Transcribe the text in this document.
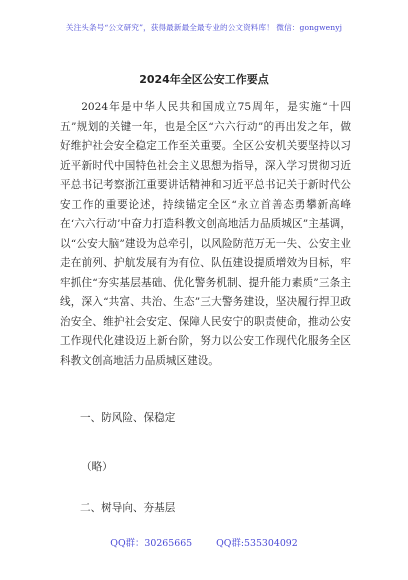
关注头条号“公文研究”，获得最新最全最专业的公文资料库！ 微信：gongwenyj
2024年全区公安工作要点

2024年是中华人民共和国成立75周年，是实施“十四五”规划的关键一年，也是全区“六六行动”的再出发之年，做好维护社会安全稳定工作至关重要。全区公安机关要坚持以习近平新时代中国特色社会主义思想为指导，深入学习贯彻习近平总书记考察浙江重要讲话精神和习近平总书记关于新时代公安工作的重要论述，持续锚定全区“永立首善态勇攀新高峰在‘六六行动’中奋力打造科教文创高地活力品质城区”主基调，以“公安大脑”建设为总牵引，以风险防范万无一失、公安主业走在前列、护航发展有为有位、队伍建设提质增效为目标，牢牢抓住“夯实基层基础、优化警务机制、提升能力素质”三条主线，深入“共富、共治、生态”三大警务建设，坚决履行捍卫政治安全、维护社会安定、保障人民安宁的职责使命，推动公安工作现代化建设迈上新台阶，努力以公安工作现代化服务全区科教文创高地活力品质城区建设。

一、防风险、保稳定
（略）
二、树导向、夯基层
QQ群：30265665	QQ群:535304092
